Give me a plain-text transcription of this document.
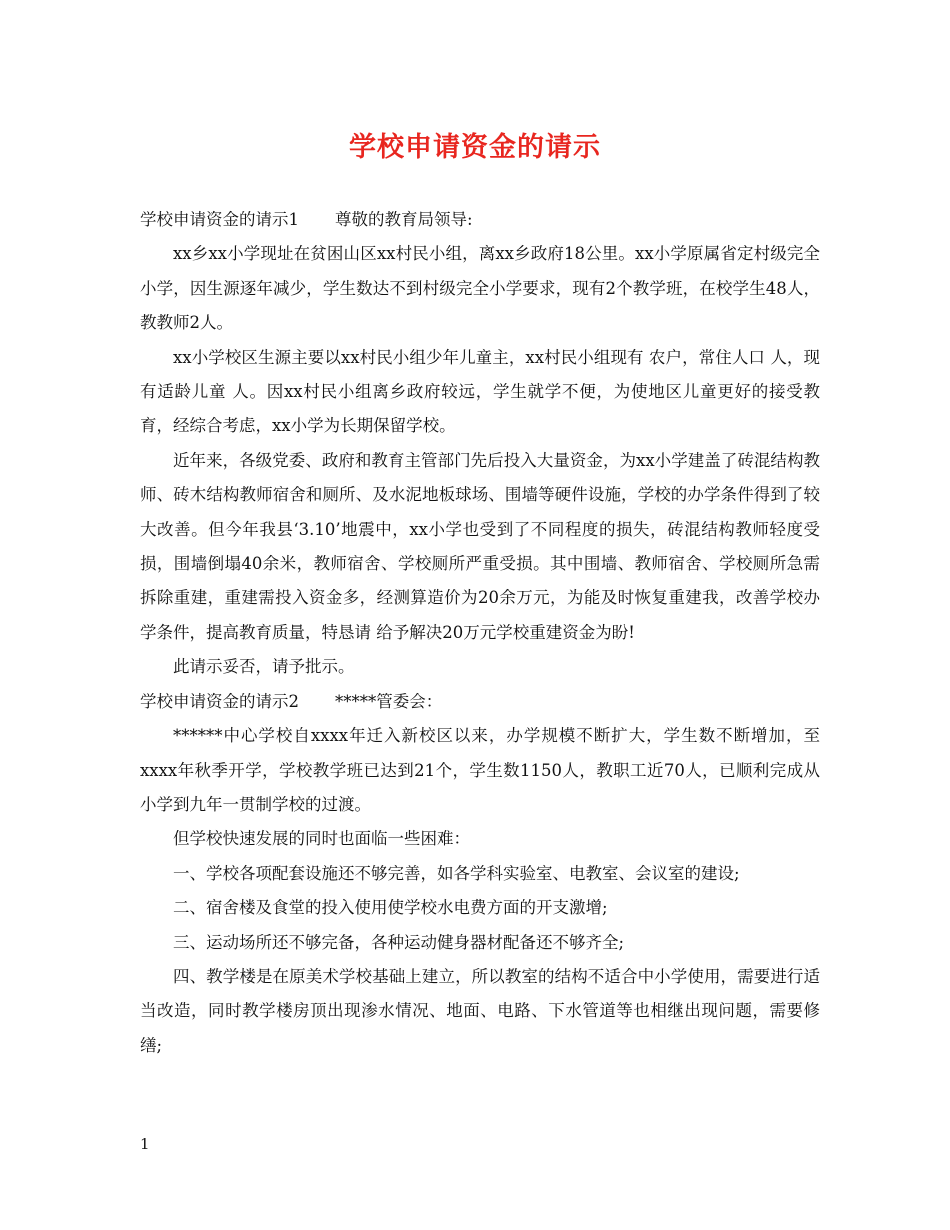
学校申请资金的请示

学校申请资金的请示1 尊敬的教育局领导:

xx乡xx小学现址在贫困山区xx村民小组，离xx乡政府18公里。xx小学原属省定村级完全小学，因生源逐年减少，学生数达不到村级完全小学要求，现有2个教学班，在校学生48人，教教师2人。

xx小学校区生源主要以xx村民小组少年儿童主，xx村民小组现有 农户，常住人口 人，现有适龄儿童 人。因xx村民小组离乡政府较远，学生就学不便，为使地区儿童更好的接受教育，经综合考虑，xx小学为长期保留学校。

近年来，各级党委、政府和教育主管部门先后投入大量资金，为xx小学建盖了砖混结构教师、砖木结构教师宿舍和厕所、及水泥地板球场、围墙等硬件设施，学校的办学条件得到了较大改善。但今年我县‘3.10’地震中，xx小学也受到了不同程度的损失，砖混结构教师轻度受损，围墙倒塌40余米，教师宿舍、学校厕所严重受损。其中围墙、教师宿舍、学校厕所急需拆除重建，重建需投入资金多，经测算造价为20余万元，为能及时恢复重建我，改善学校办学条件，提高教育质量，特恳请 给予解决20万元学校重建资金为盼!

此请示妥否，请予批示。

学校申请资金的请示2 *****管委会：

******中心学校自xxxx年迁入新校区以来，办学规模不断扩大，学生数不断增加，至xxxx年秋季开学，学校教学班已达到21个，学生数1150人，教职工近70人，已顺利完成从小学到九年一贯制学校的过渡。

但学校快速发展的同时也面临一些困难：

一、学校各项配套设施还不够完善，如各学科实验室、电教室、会议室的建设;

二、宿舍楼及食堂的投入使用使学校水电费方面的开支激增;

三、运动场所还不够完备，各种运动健身器材配备还不够齐全;

四、教学楼是在原美术学校基础上建立，所以教室的结构不适合中小学使用，需要进行适当改造，同时教学楼房顶出现渗水情况、地面、电路、下水管道等也相继出现问题，需要修缮;

1
